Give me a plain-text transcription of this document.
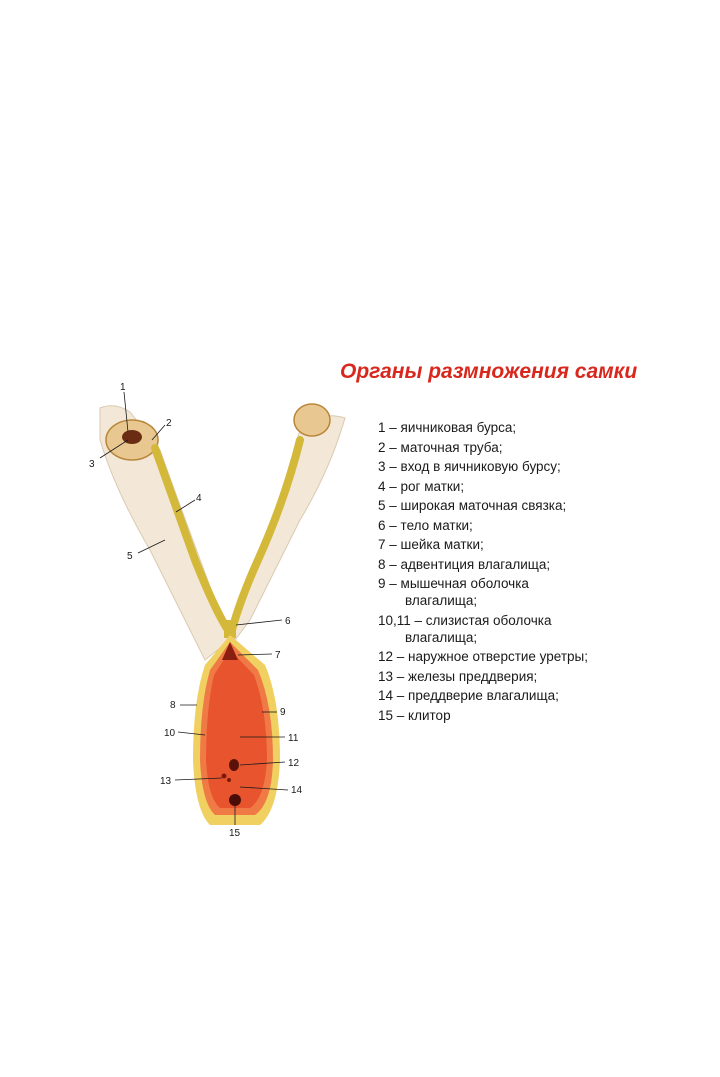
Органы размножения самки
1 – яичниковая бурса;
2 – маточная труба;
3 – вход в яичниковую бурсу;
4 – рог матки;
5 – широкая маточная связка;
6 – тело матки;
7 – шейка матки;
8 – адвентиция влагалища;
9 – мышечная оболочка
влагалища;
10,11 – слизистая оболочка
влагалища;
12 – наружное отверстие уретры;
13 – железы преддверия;
14 – преддверие влагалища;
15 – клитор
1
2
3
4
5
6
7
8
9
10	11
12
13
14
15
